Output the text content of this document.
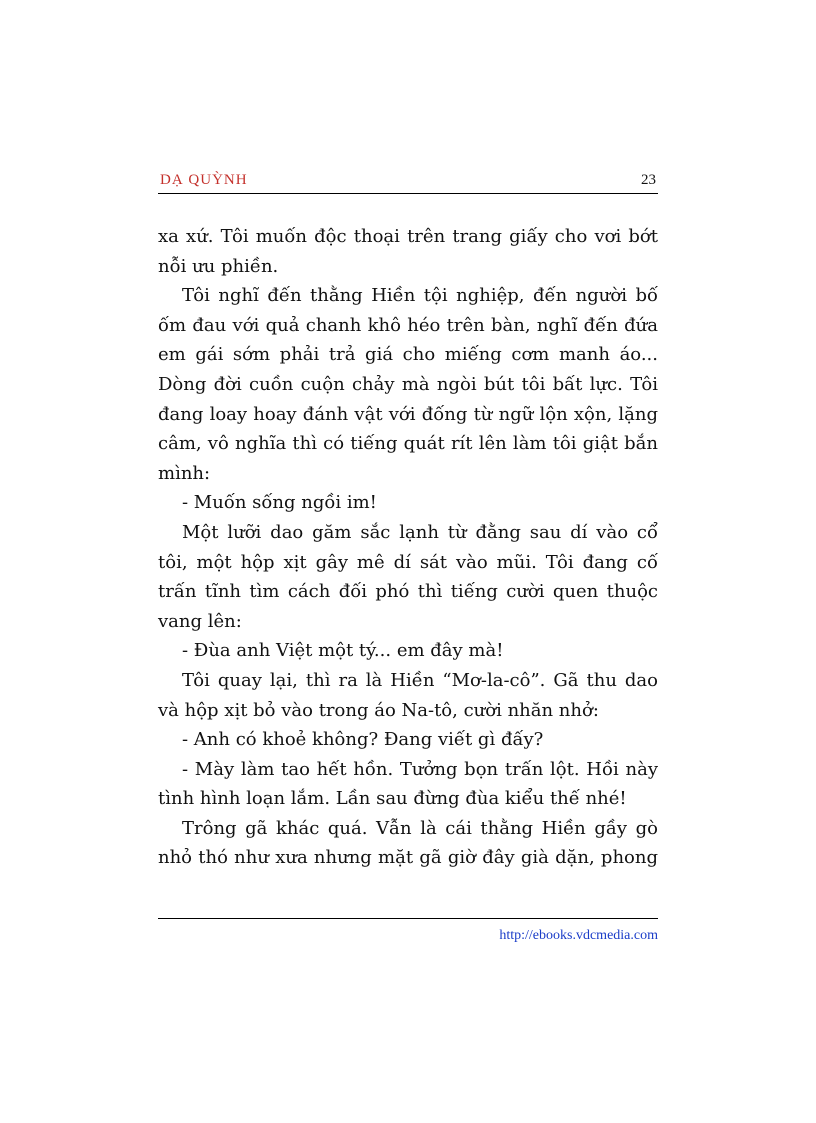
DẠ QUỲNH	23
xa xứ. Tôi muốn độc thoại trên trang giấy cho vơi bớt
nỗi ưu phiền.
Tôi nghĩ đến thằng Hiền tội nghiệp, đến người bố
ốm đau với quả chanh khô héo trên bàn, nghĩ đến đứa
em gái sớm phải trả giá cho miếng cơm manh áo...
Dòng đời cuồn cuộn chảy mà ngòi bút tôi bất lực. Tôi
đang loay hoay đánh vật với đống từ ngữ lộn xộn, lặng
câm, vô nghĩa thì có tiếng quát rít lên làm tôi giật bắn
mình:
- Muốn sống ngồi im!
Một lưỡi dao găm sắc lạnh từ đằng sau dí vào cổ
tôi, một hộp xịt gây mê dí sát vào mũi. Tôi đang cố
trấn tĩnh tìm cách đối phó thì tiếng cười quen thuộc
vang lên:
- Đùa anh Việt một tý... em đây mà!
Tôi quay lại, thì ra là Hiền “Mơ-la-cô”. Gã thu dao
và hộp xịt bỏ vào trong áo Na-tô, cười nhăn nhở:
- Anh có khoẻ không? Đang viết gì đấy?
- Mày làm tao hết hồn. Tưởng bọn trấn lột. Hồi này
tình hình loạn lắm. Lần sau đừng đùa kiểu thế nhé!
Trông gã khác quá. Vẫn là cái thằng Hiền gầy gò
nhỏ thó như xưa nhưng mặt gã giờ đây già dặn, phong
http://ebooks.vdcmedia.com
